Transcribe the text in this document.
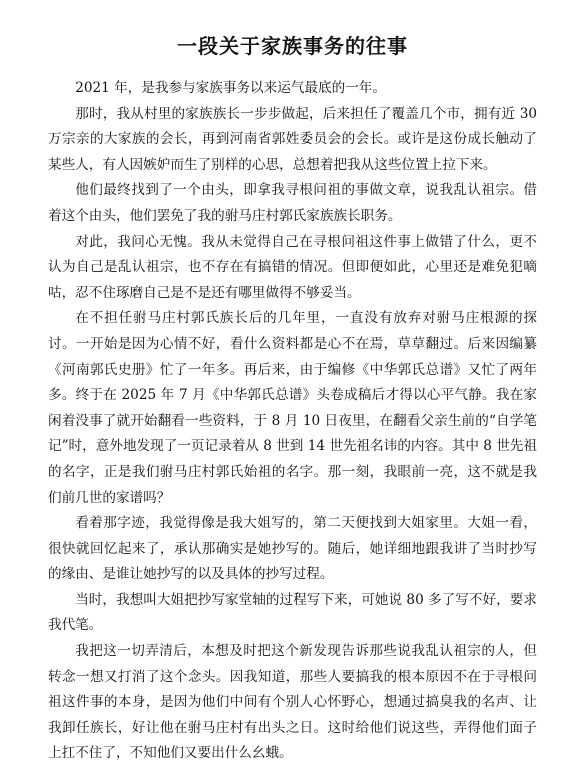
一段关于家族事务的往事

2021 年，是我参与家族事务以来运气最底的一年。

那时，我从村里的家族族长一步步做起，后来担任了覆盖几个市，拥有近 30 万宗亲的大家族的会长，再到河南省郭姓委员会的会长。或许是这份成长触动了某些人，有人因嫉妒而生了别样的心思，总想着把我从这些位置上拉下来。

他们最终找到了一个由头，即拿我寻根问祖的事做文章，说我乱认祖宗。借着这个由头，他们罢免了我的驸马庄村郭氏家族族长职务。

对此，我问心无愧。我从未觉得自己在寻根问祖这件事上做错了什么，更不认为自己是乱认祖宗，也不存在有搞错的情况。但即便如此，心里还是难免犯嘀咕，忍不住琢磨自己是不是还有哪里做得不够妥当。

在不担任驸马庄村郭氏族长后的几年里，一直没有放弃对驸马庄根源的探讨。一开始是因为心情不好，看什么资料都是心不在焉，草草翻过。后来因编纂《河南郭氏史册》忙了一年多。再后来，由于编修《中华郭氏总谱》又忙了两年多。终于在 2025 年 7 月《中华郭氏总谱》头卷成稿后才得以心平气静。我在家闲着没事了就开始翻看一些资料，于 8 月 10 日夜里，在翻看父亲生前的“自学笔记”时，意外地发现了一页记录着从 8 世到 14 世先祖名讳的内容。其中 8 世先祖的名字，正是我们驸马庄村郭氏始祖的名字。那一刻，我眼前一亮，这不就是我们前几世的家谱吗？

看着那字迹，我觉得像是我大姐写的，第二天便找到大姐家里。大姐一看，很快就回忆起来了，承认那确实是她抄写的。随后，她详细地跟我讲了当时抄写的缘由、是谁让她抄写的以及具体的抄写过程。

当时，我想叫大姐把抄写家堂轴的过程写下来，可她说 80 多了写不好，要求我代笔。

我把这一切弄清后，本想及时把这个新发现告诉那些说我乱认祖宗的人，但转念一想又打消了这个念头。因我知道，那些人要搞我的根本原因不在于寻根问祖这件事的本身，是因为他们中间有个别人心怀野心，想通过搞臭我的名声、让我卸任族长，好让他在驸马庄村有出头之日。这时给他们说这些，弄得他们面子上扛不住了，不知他们又要出什么幺蛾。
